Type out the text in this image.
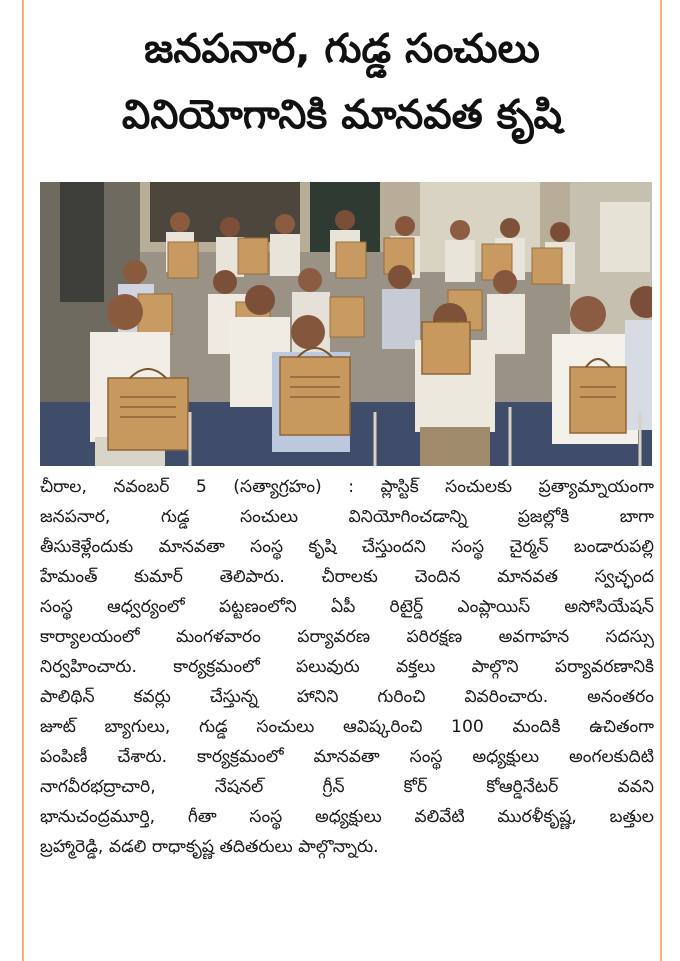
జనపనార, గుడ్డ సంచులు
వినియోగానికి మానవత కృషి

చీరాల, నవంబర్ 5 (సత్యాగ్రహం) : ప్లాస్టిక్ సంచులకు ప్రత్యామ్నాయంగా
జనపనార, గుడ్డ సంచులు వినియోగించడాన్ని ప్రజల్లోకి బాగా
తీసుకెళ్లేందుకు మానవతా సంస్థ కృషి చేస్తుందని సంస్థ చైర్మన్ బండారుపల్లి
హేమంత్ కుమార్ తెలిపారు. చీరాలకు చెందిన మానవత స్వచ్ఛంద
సంస్థ ఆధ్వర్యంలో పట్టణంలోని ఏపీ రిటైర్డ్ ఎంప్లాయిస్ అసోసియేషన్
కార్యాలయంలో మంగళవారం పర్యావరణ పరిరక్షణ అవగాహన సదస్సు
నిర్వహించారు. కార్యక్రమంలో పలువురు వక్తలు పాల్గొని పర్యావరణానికి
పాలిథిన్ కవర్లు చేస్తున్న హానిని గురించి వివరించారు. అనంతరం
జూట్ బ్యాగులు, గుడ్డ సంచులు ఆవిష్కరించి 100 మందికి ఉచితంగా
పంపిణీ చేశారు. కార్యక్రమంలో మానవతా సంస్థ అధ్యక్షులు అంగలకుదిటి
నాగవీరభద్రాచారి, నేషనల్ గ్రీన్ కోర్ కోఆర్డినేటర్ వవని
భానుచంద్రమూర్తి, గీతా సంస్థ అధ్యక్షులు వలివేటి మురళీకృష్ణ, బత్తుల
బ్రహ్మారెడ్డి, వడలి రాధాకృష్ణ తదితరులు పాల్గొన్నారు.
